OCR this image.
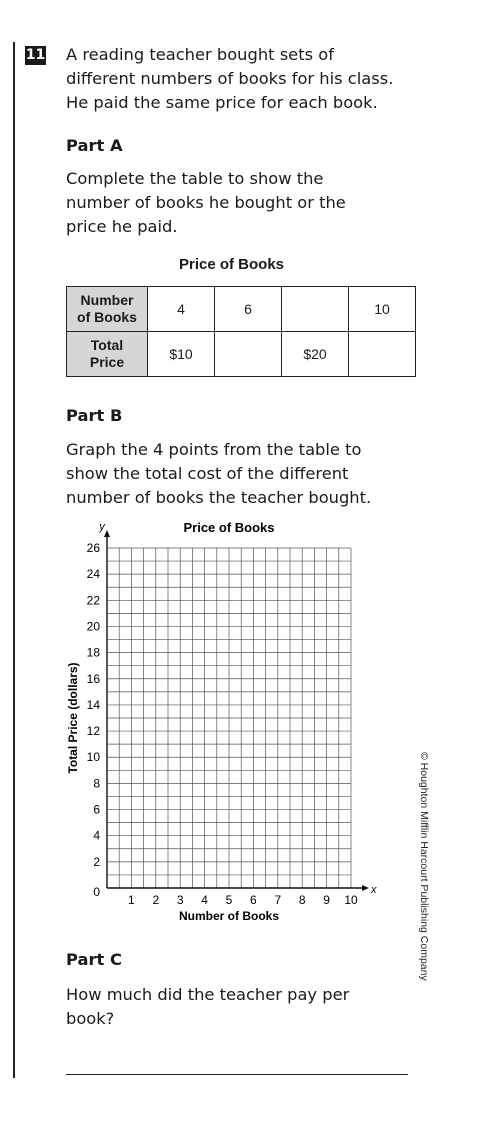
11 A reading teacher bought sets of
different numbers of books for his class.
He paid the same price for each book.
Part A
Complete the table to show the
number of books he bought or the
price he paid.
Price of Books
Number
of Books	4	6		10
Total
Price	$10		$20	
Part B
Graph the 4 points from the table to
show the total cost of the different
number of books the teacher bought.
x
y
0
1 2 3 4 5 6 7 8 9 10
2
4
6
8
10
12
14
16
18
20
22
24
26
Price of Books
Number of Books
Total Price (dollars)
Part C
How much did the teacher pay per
book?
© Houghton Mifflin Harcourt Publishing Company
